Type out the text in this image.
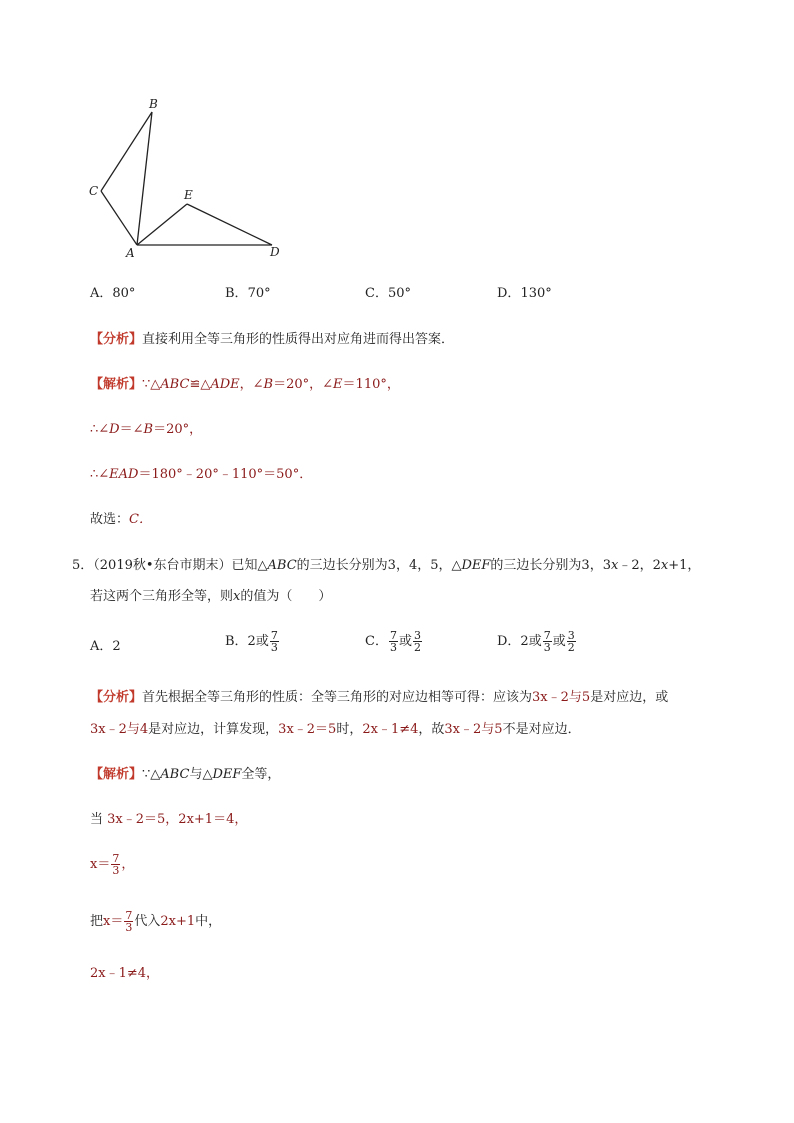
B
C	E
A	D
A．80°	B．70°	C．50°	D．130°
【分析】直接利用全等三角形的性质得出对应角进而得出答案．
【解析】∵△ABC≌△ADE，∠B＝20°，∠E＝110°，
∴∠D＝∠B＝20°，
∴∠EAD＝180°﹣20°﹣110°＝50°．
故选：C．
5．（2019秋•东台市期末）已知△ABC的三边长分别为3，4，5，△DEF的三边长分别为3，3x﹣2，2x+1，
若这两个三角形全等，则x的值为（　　）
A．2	B．2或 $\frac{7}{3}$	C． $\frac{7}{3}$ 或 $\frac{3}{2}$	D．2或 $\frac{7}{3}$ 或 $\frac{3}{2}$
【分析】首先根据全等三角形的性质：全等三角形的对应边相等可得：应该为3x﹣2与5是对应边，或
3x﹣2与4是对应边，计算发现，3x﹣2＝5时，2x﹣1≠4，故3x﹣2与5不是对应边．
【解析】∵△ABC与△DEF全等，
当 3x﹣2＝5，2x+1＝4，
$x= \frac{7}{3}$ ，
把$x= \frac{7}{3}$ 代入2x+1中，
2x﹣1≠4，
